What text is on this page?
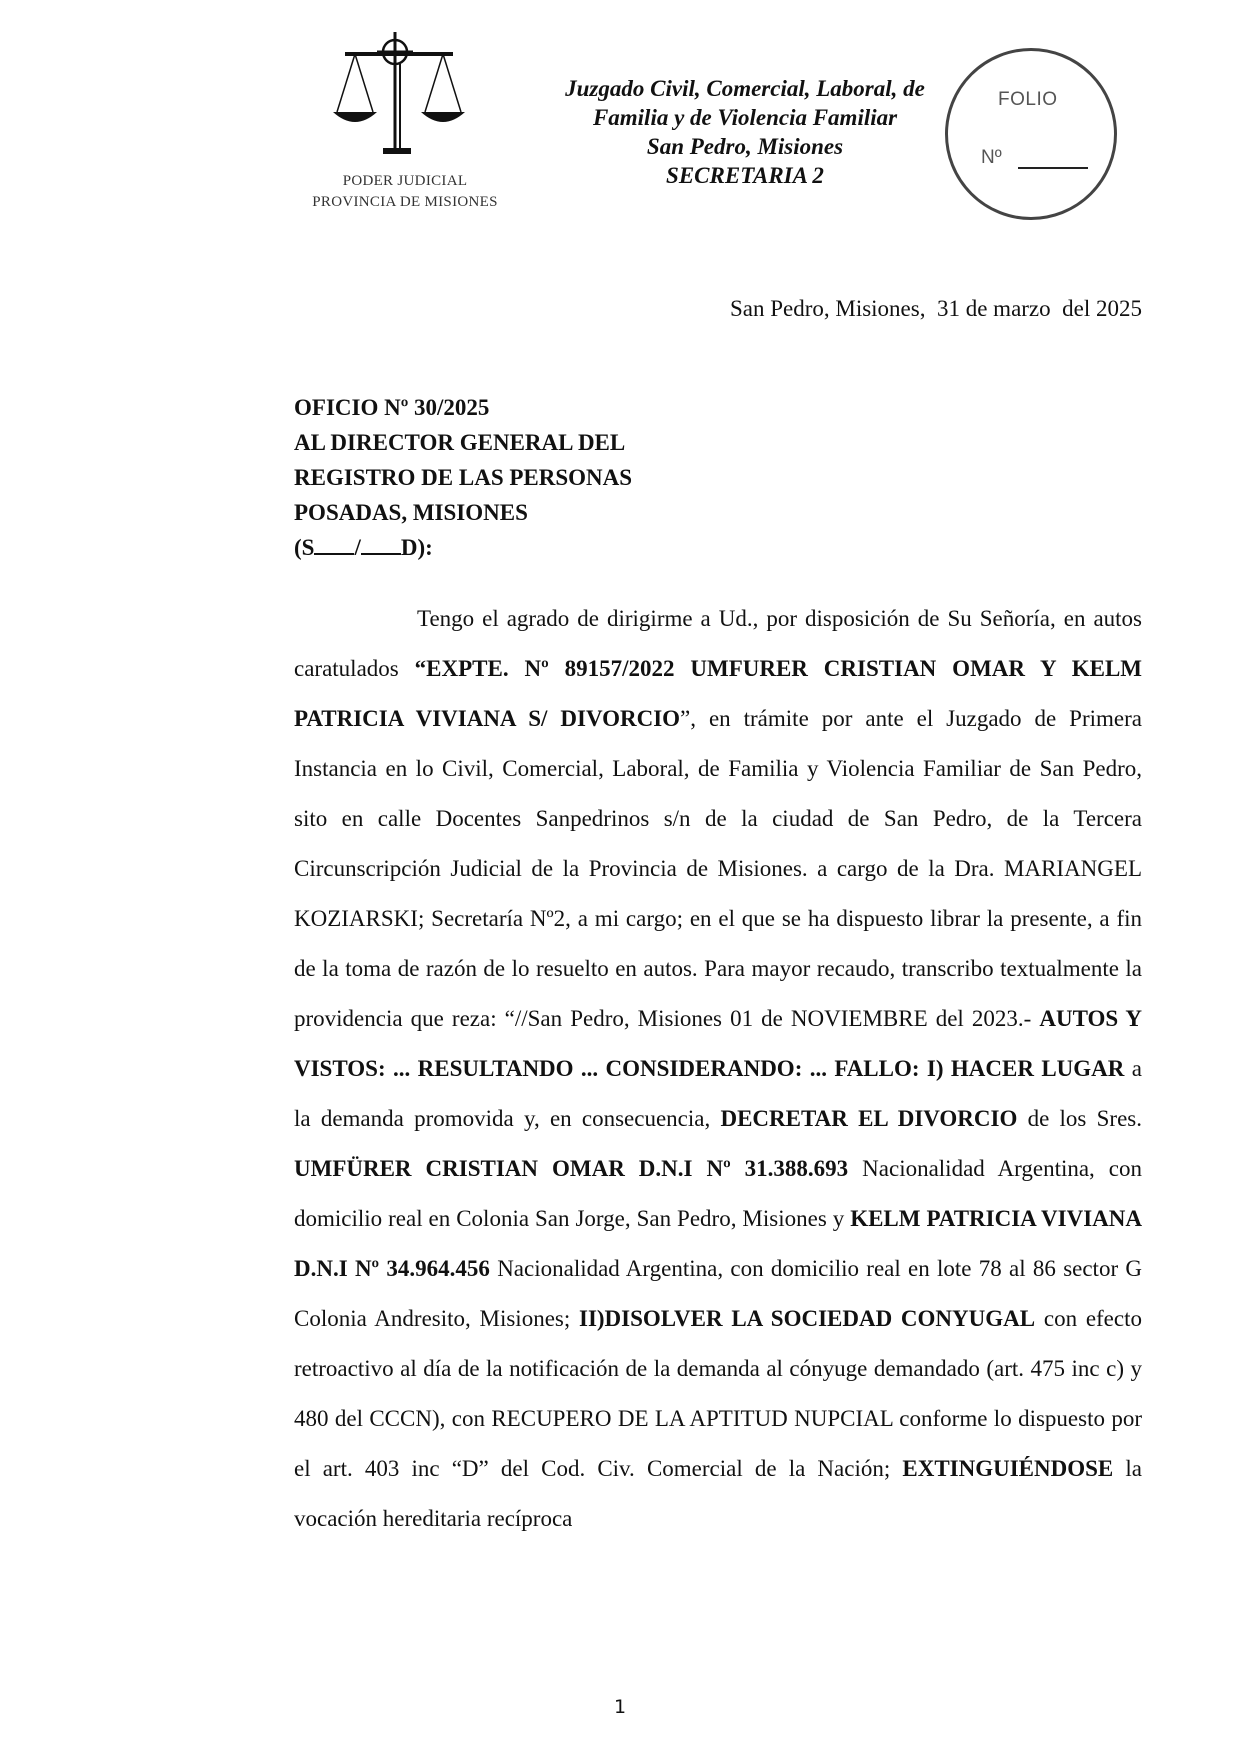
PODER JUDICIAL
PROVINCIA DE MISIONES
Juzgado Civil, Comercial, Laboral, de
Familia y de Violencia Familiar
San Pedro, Misiones
SECRETARIA 2
FOLIO
Nº
San Pedro, Misiones,  31 de marzo  del 2025
OFICIO Nº 30/2025
AL DIRECTOR GENERAL DEL
REGISTRO DE LAS PERSONAS
POSADAS, MISIONES
(S / D):
Tengo el agrado de dirigirme a Ud., por disposición de Su Señoría, en autos caratulados “EXPTE. Nº 89157/2022 UMFURER CRISTIAN OMAR Y KELM PATRICIA VIVIANA S/ DIVORCIO”, en trámite por ante el Juzgado de Primera Instancia en lo Civil, Comercial, Laboral, de Familia y Violencia Familiar de San Pedro, sito en calle Docentes Sanpedrinos s/n de la ciudad de San Pedro, de la Tercera Circunscripción Judicial de la Provincia de Misiones. a cargo de la Dra. MARIANGEL KOZIARSKI; Secretaría Nº2, a mi cargo; en el que se ha dispuesto librar la presente, a fin de la toma de razón de lo resuelto en autos. Para mayor recaudo, transcribo textualmente la providencia que reza: “//San Pedro, Misiones 01 de NOVIEMBRE del 2023.- AUTOS Y VISTOS: ... RESULTANDO ... CONSIDERANDO: ... FALLO: I) HACER LUGAR a la demanda promovida y, en consecuencia, DECRETAR EL DIVORCIO de los Sres. UMFÜRER CRISTIAN OMAR D.N.I Nº 31.388.693 Nacionalidad Argentina, con domicilio real en Colonia San Jorge, San Pedro, Misiones y KELM PATRICIA VIVIANA D.N.I Nº 34.964.456 Nacionalidad Argentina, con domicilio real en lote 78 al 86 sector G Colonia Andresito, Misiones; II)DISOLVER LA SOCIEDAD CONYUGAL con efecto retroactivo al día de la notificación de la demanda al cónyuge demandado (art. 475 inc c) y 480 del CCCN), con RECUPERO DE LA APTITUD NUPCIAL conforme lo dispuesto por el art. 403 inc “D” del Cod. Civ. Comercial de la Nación; EXTINGUIÉNDOSE la vocación hereditaria recíproca
1
